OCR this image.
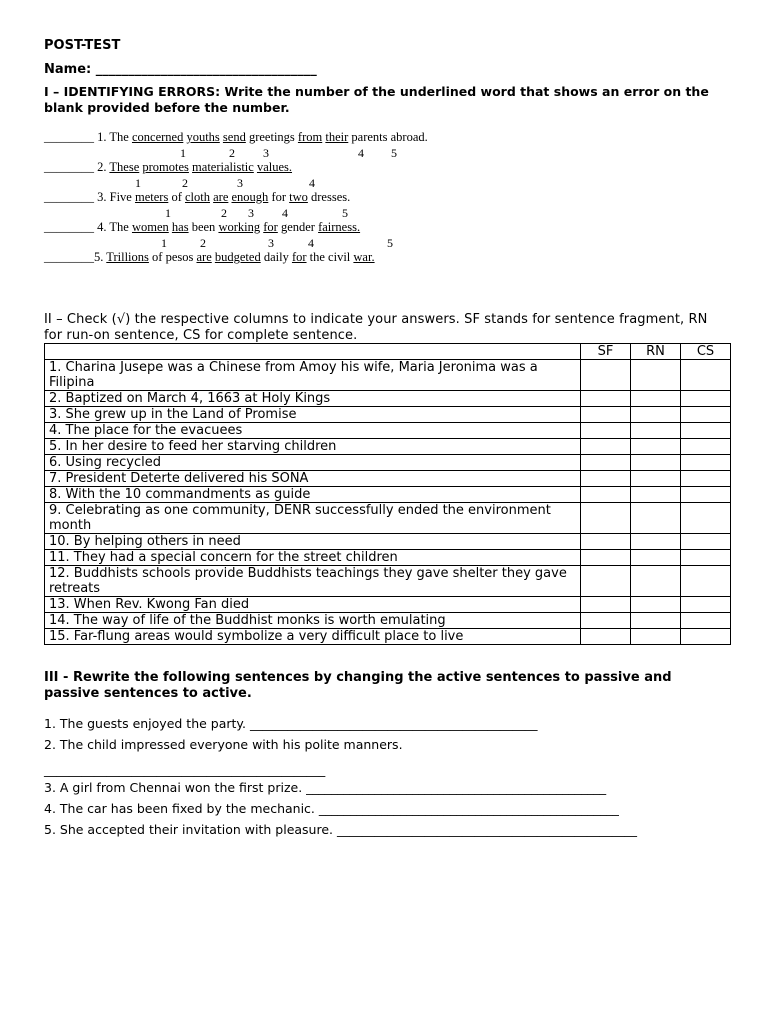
POST-TEST
Name: __________________________________
I – IDENTIFYING ERRORS: Write the number of the underlined word that shows an error on the blank provided before the number.
________ 1. The concerned youths send greetings from their parents abroad.
1	2 3	4 5
________ 2. These promotes materialistic values.
1	2	3	4
________ 3. Five meters of cloth are enough for two dresses.
1	2 3 4	5
________ 4. The women has been working for gender fairness.
1	2	3	4	5
________5. Trillions of pesos are budgeted daily for the civil war.
II – Check (√) the respective columns to indicate your answers. SF stands for sentence fragment, RN for run-on sentence, CS for complete sentence.
	SF	RN	CS
1. Charina Jusepe was a Chinese from Amoy his wife, Maria Jeronima was a Filipina			
2. Baptized on March 4, 1663 at Holy Kings			
3. She grew up in the Land of Promise			
4. The place for the evacuees			
5. In her desire to feed her starving children			
6. Using recycled			
7. President Deterte delivered his SONA			
8. With the 10 commandments as guide			
9. Celebrating as one community, DENR successfully ended the environment month			
10. By helping others in need			
11. They had a special concern for the street children			
12. Buddhists schools provide Buddhists teachings they gave shelter they gave retreats			
13. When Rev. Kwong Fan died			
14. The way of life of the Buddhist monks is worth emulating			
15. Far-flung areas would symbolize a very difficult place to live			
III - Rewrite the following sentences by changing the active sentences to passive and passive sentences to active.
1. The guests enjoyed the party. ______________________________________________
2. The child impressed everyone with his polite manners.
_____________________________________________
3. A girl from Chennai won the first prize. ________________________________________________
4. The car has been fixed by the mechanic. ________________________________________________
5. She accepted their invitation with pleasure. ________________________________________________
